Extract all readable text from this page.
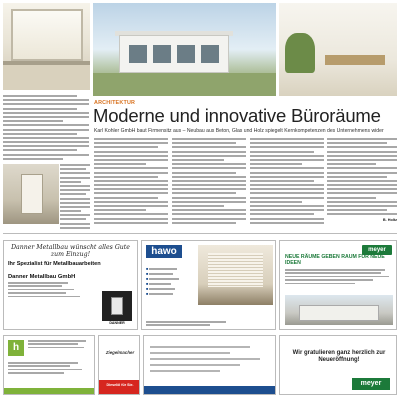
ARCHITEKTUR
Moderne und innovative Büroräume
Karl Kohler GmbH baut Firmensitz aus – Neubau aus Beton, Glas und Holz spiegelt Kernkompetenzen des Unternehmens wider
B. Holtz
Danner Metallbau wünscht alles Gute zum Einzug!
Ihr Spezialist für Metallbauarbeiten
Danner Metallbau GmbH
DANNER
hawo
■
■
■
■
■
■
meyer
NEUE RÄUME GEBEN RAUM FÜR NEUE IDEEN
h	Ziegelmacher
Dieselöl für Sie.
Wir gratulieren ganz herzlich zur Neueröffnung!
meyer
